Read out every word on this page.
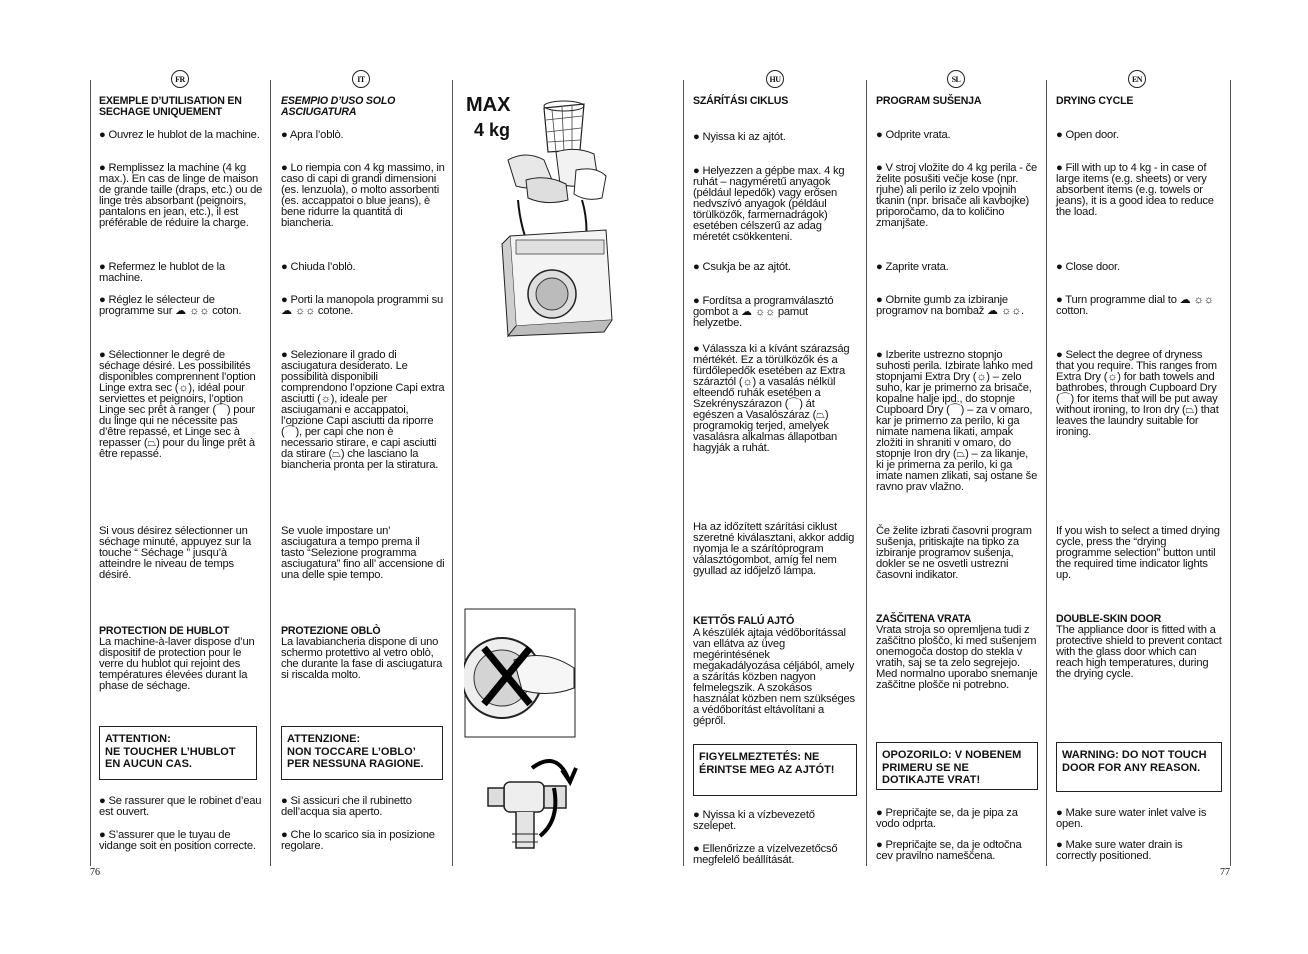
FR	IT	HU	SL	EN

EXEMPLE D’UTILISATION EN SECHAGE UNIQUEMENT

● Ouvrez le hublot de la machine.

● Remplissez la machine (4 kg max.). En cas de linge de maison de grande taille (draps, etc.) ou de linge très absorbant (peignoirs, pantalons en jean, etc.), il est préférable de réduire la charge.

● Refermez le hublot de la machine.

● Réglez le sélecteur de programme sur ☁ ☼☼ coton.

● Sélectionner le degré de séchage désiré. Les possibilités disponibles comprennent l’option Linge extra sec (☼), idéal pour serviettes et peignoirs, l’option Linge sec prêt à ranger (⌒) pour du linge qui ne nécessite pas d’être repassé, et Linge sec à repasser (⏢) pour du linge prêt à être repassé.

Si vous désirez sélectionner un séchage minuté, appuyez sur la touche “ Séchage ” jusqu’à atteindre le niveau de temps désiré.

PROTECTION DE HUBLOT

La machine-à-laver dispose d’un dispositif de protection pour le verre du hublot qui rejoint des températures élevées durant la phase de séchage.

ATTENTION:
NE TOUCHER L’HUBLOT EN AUCUN CAS.

● Se rassurer que le robinet d’eau est ouvert.

● S’assurer que le tuyau de vidange soit en position correcte.

ESEMPIO D’USO SOLO ASCIUGATURA

● Apra l’oblò.

● Lo riempia con 4 kg massimo, in caso di capi di grandi dimensioni (es. lenzuola), o molto assorbenti (es. accappatoi o blue jeans), è bene ridurre la quantità di biancheria.

● Chiuda l’oblò.

● Porti la manopola programmi su ☁ ☼☼ cotone.

● Selezionare il grado di asciugatura desiderato. Le possibilità disponibili comprendono l’opzione Capi extra asciutti (☼), ideale per asciugamani e accappatoi, l’opzione Capi asciutti da riporre (⌒), per capi che non è necessario stirare, e capi asciutti da stirare (⏢) che lasciano la biancheria pronta per la stiratura.

Se vuole impostare un’ asciugatura a tempo prema il tasto “Selezione programma asciugatura” fino all’ accensione di una delle spie tempo.

PROTEZIONE OBLÒ

La lavabiancheria dispone di uno schermo protettivo al vetro oblò, che durante la fase di asciugatura si riscalda molto.

ATTENZIONE:
NON TOCCARE L’OBLO’ PER NESSUNA RAGIONE.

● Si assicuri che il rubinetto dell’acqua sia aperto.

● Che lo scarico sia in posizione regolare.

MAX
4 kg

SZÁRÍTÁSI CIKLUS

● Nyissa ki az ajtót.

● Helyezzen a gépbe max. 4 kg ruhát – nagyméretű anyagok (például lepedők) vagy erősen nedvszívó anyagok (például törülközők, farmernadrágok) esetében célszerű az adag méretét csökkenteni.

● Csukja be az ajtót.

● Fordítsa a programválasztó gombot a ☁ ☼☼ pamut helyzetbe.

● Válassza ki a kívánt szárazság mértékét. Ez a törülközők és a fürdőlepedők esetében az Extra száraztól (☼) a vasalás nélkül elteendő ruhák esetében a Szekrényszárazon (⌒) át egészen a Vasalószáraz (⏢) programokig terjed, amelyek vasalásra alkalmas állapotban hagyják a ruhát.

Ha az időzített szárítási ciklust szeretné kiválasztani, akkor addig nyomja le a szárítóprogram választógombot, amíg fel nem gyullad az időjelző lámpa.

KETTŐS FALÚ AJTÓ

A készülék ajtaja védőborítással van ellátva az üveg megérintésének megakadályozása céljából, amely a szárítás közben nagyon felmelegszik. A szokásos használat közben nem szükséges a védőborítást eltávolítani a gépről.

FIGYELMEZTETÉS: NE ÉRINTSE MEG AZ AJTÓT!

● Nyissa ki a vízbevezető szelepet.

● Ellenőrizze a vízelvezetőcső megfelelő beállítását.

PROGRAM SUŠENJA

● Odprite vrata.

● V stroj vložite do 4 kg perila - če želite posušiti večje kose (npr. rjuhe) ali perilo iz zelo vpojnih tkanin (npr. brisače ali kavbojke) priporočamo, da to količino zmanjšate.

● Zaprite vrata.

● Obrnite gumb za izbiranje programov na bombaž ☁ ☼☼.

● Izberite ustrezno stopnjo suhosti perila. Izbirate lahko med stopnjami Extra Dry (☼) – zelo suho, kar je primerno za brisače, kopalne halje ipd., do stopnje Cupboard Dry (⌒) – za v omaro, kar je primerno za perilo, ki ga nimate namena likati, ampak zložiti in shraniti v omaro, do stopnje Iron dry (⏢) – za likanje, ki je primerna za perilo, ki ga imate namen zlikati, saj ostane še ravno prav vlažno.

Če želite izbrati časovni program sušenja, pritiskajte na tipko za izbiranje programov sušenja, dokler se ne osvetli ustrezni časovni indikator.

ZAŠČITENA VRATA

Vrata stroja so opremljena tudi z zaščitno ploščo, ki med sušenjem onemogoča dostop do stekla v vratih, saj se ta zelo segrejejo. Med normalno uporabo snemanje zaščitne plošče ni potrebno.

OPOZORILO: V NOBENEM PRIMERU SE NE DOTIKAJTE VRAT!

● Prepričajte se, da je pipa za vodo odprta.

● Prepričajte se, da je odtočna cev pravilno nameščena.

DRYING CYCLE

● Open door.

● Fill with up to 4 kg - in case of large items (e.g. sheets) or very absorbent items (e.g. towels or jeans), it is a good idea to reduce the load.

● Close door.

● Turn programme dial to ☁ ☼☼ cotton.

● Select the degree of dryness that you require. This ranges from Extra Dry (☼) for bath towels and bathrobes, through Cupboard Dry (⌒) for items that will be put away without ironing, to Iron dry (⏢) that leaves the laundry suitable for ironing.

If you wish to select a timed drying cycle, press the “drying programme selection” button until the required time indicator lights up.

DOUBLE-SKIN DOOR

The appliance door is fitted with a protective shield to prevent contact with the glass door which can reach high temperatures, during the drying cycle.

WARNING: DO NOT TOUCH DOOR FOR ANY REASON.

● Make sure water inlet valve is open.

● Make sure water drain is correctly positioned.

76	77
